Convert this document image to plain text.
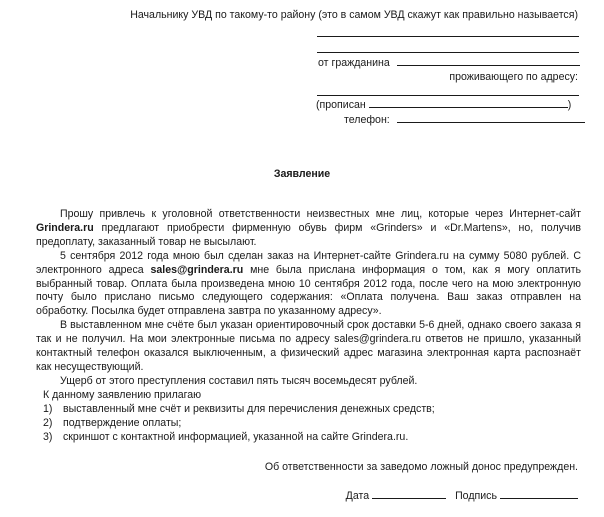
Начальнику УВД по такому-то району (это в самом УВД скажут как правильно называется)
от гражданина
проживающего по адресу:
(прописан	)
телефон:
Заявление

Прошу привлечь к уголовной ответственности неизвестных мне лиц, которые через Интернет-сайт Grindera.ru предлагают приобрести фирменную обувь фирм «Grinders» и «Dr.Martens», но, получив предоплату, заказанный товар не высылают.

5 сентября 2012 года мною был сделан заказ на Интернет-сайте Grindera.ru на сумму 5080 рублей. С электронного адреса sales@grindera.ru мне была прислана информация о том, как я могу оплатить выбранный товар. Оплата была произведена мною 10 сентября 2012 года, после чего на мою электронную почту было прислано письмо следующего содержания: «Оплата получена. Ваш заказ отправлен на обработку. Посылка будет отправлена завтра по указанному адресу».

В выставленном мне счёте был указан ориентировочный срок доставки 5-6 дней, однако своего заказа я так и не получил. На мои электронные письма по адресу sales@grindera.ru ответов не пришло, указанный контактный телефон оказался выключенным, а физический адрес магазина электронная карта распознаёт как несуществующий.

Ущерб от этого преступления составил пять тысяч восемьдесят рублей.

К данному заявлению прилагаю

1) выставленный мне счёт и реквизиты для перечисления денежных средств;
2) подтверждение оплаты;
3) скриншот с контактной информацией, указанной на сайте Grindera.ru.
Об ответственности за заведомо ложный донос предупрежден.
Дата	Подпись
